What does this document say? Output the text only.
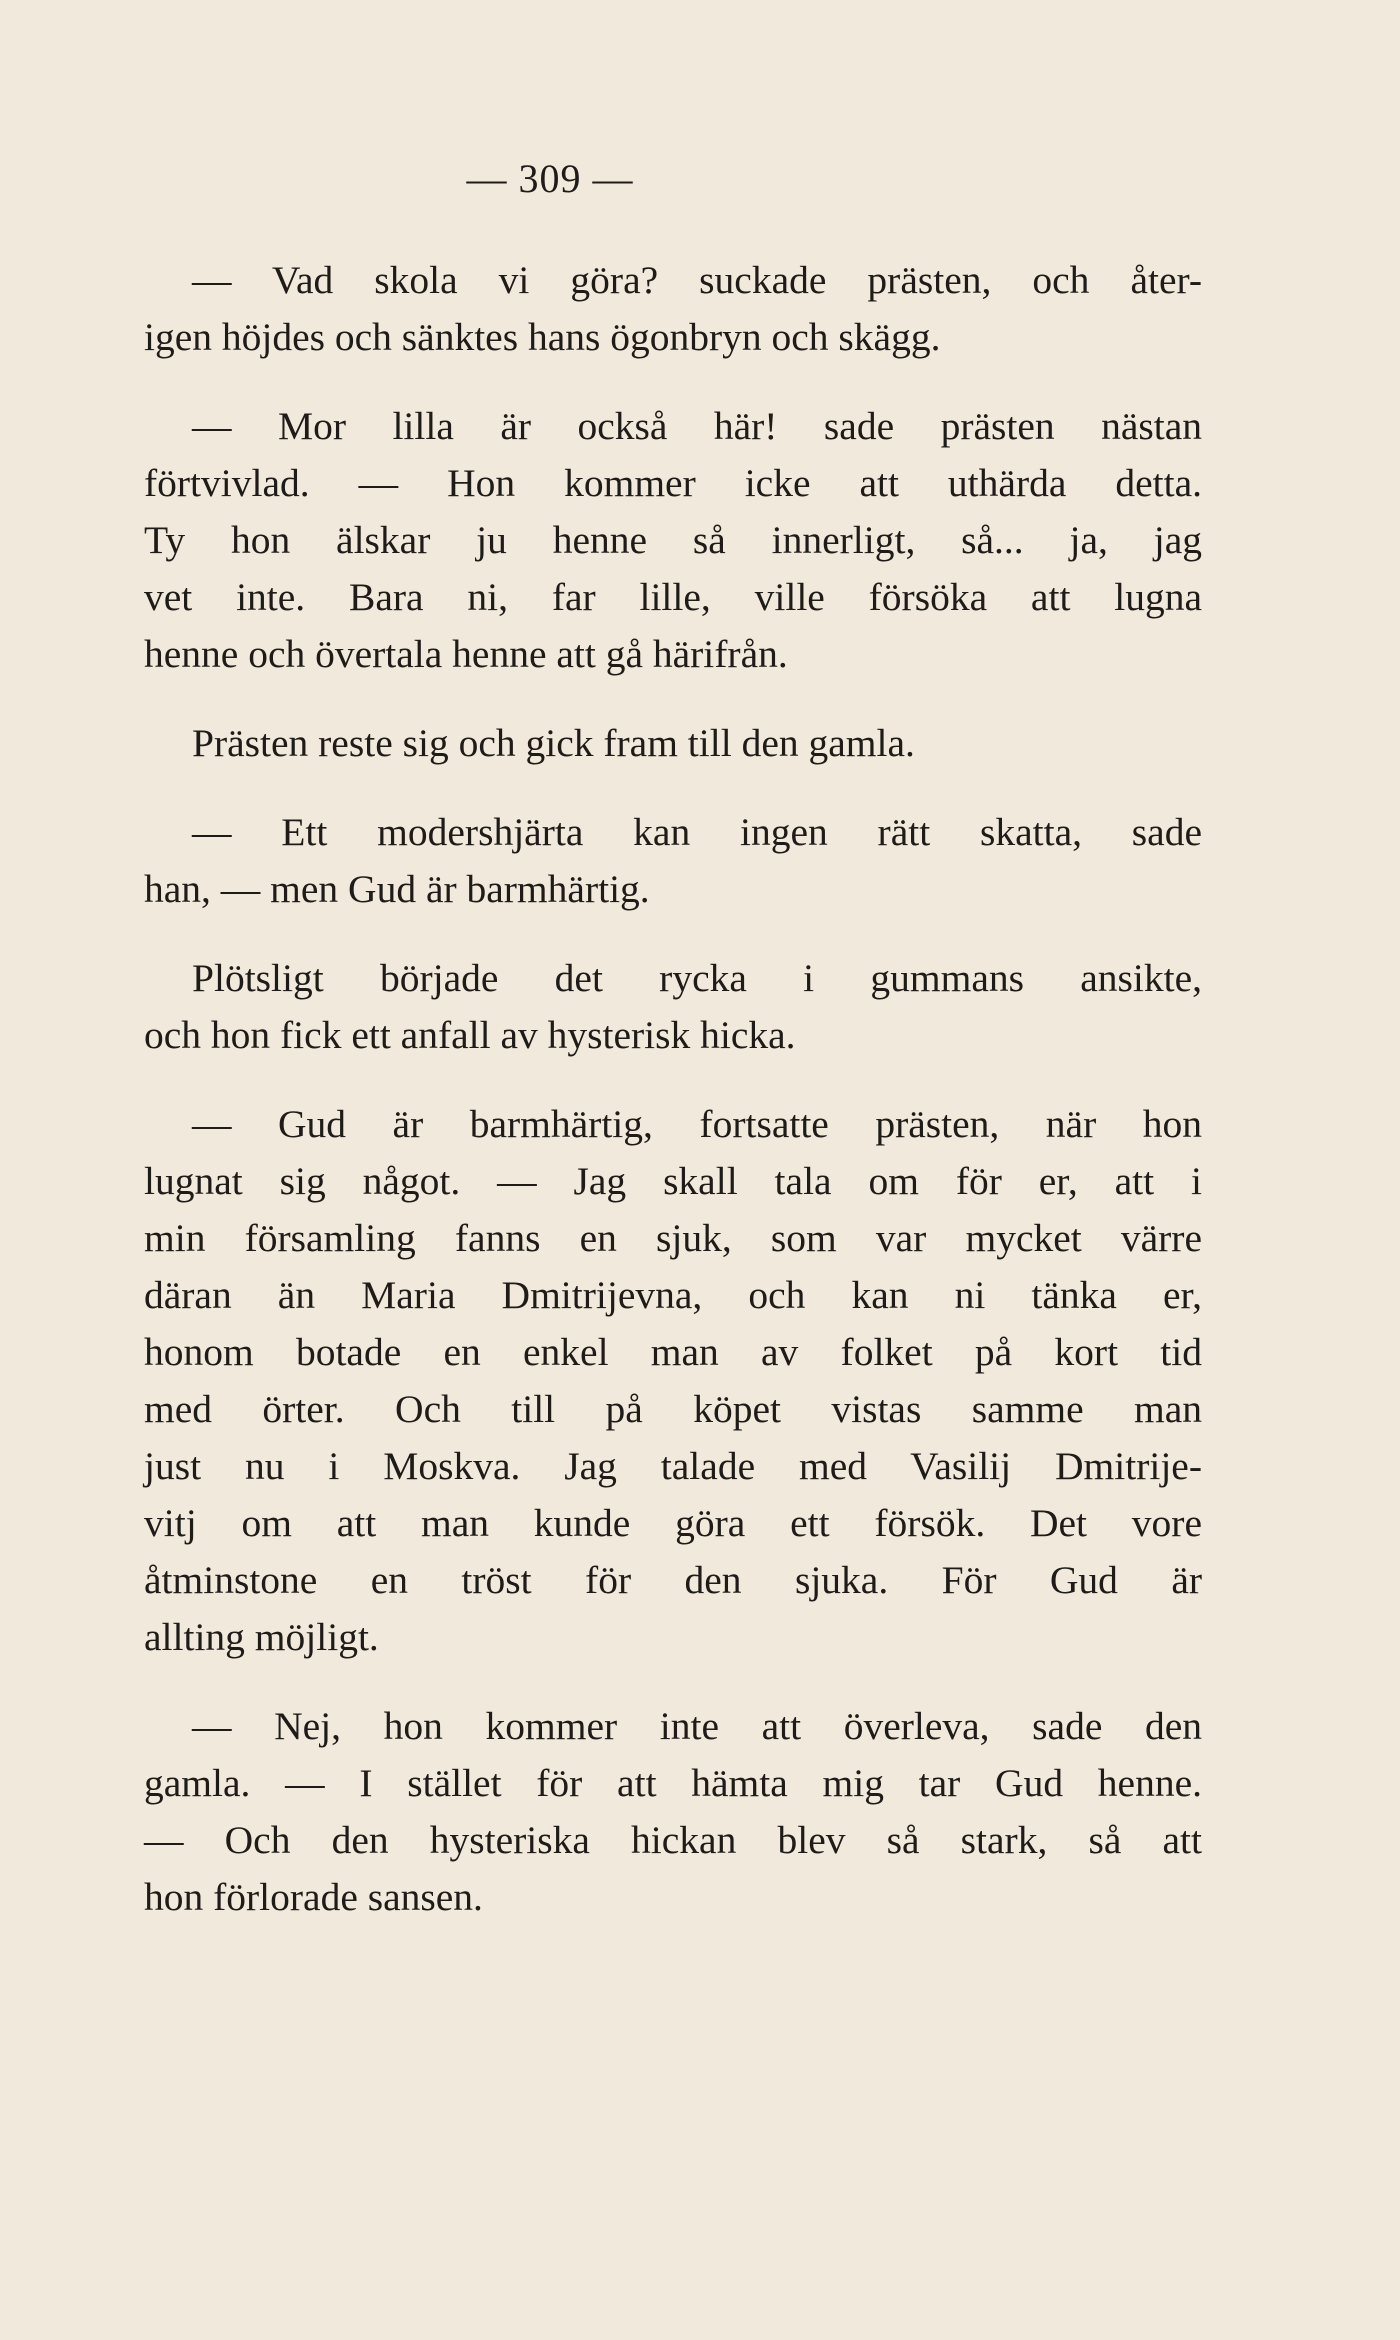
— 309 —
— Vad skola vi göra? suckade prästen, och åter-
igen höjdes och sänktes hans ögonbryn och skägg.
— Mor lilla är också här! sade prästen nästan
förtvivlad. — Hon kommer icke att uthärda detta.
Ty hon älskar ju henne så innerligt, så... ja, jag
vet inte. Bara ni, far lille, ville försöka att lugna
henne och övertala henne att gå härifrån.
Prästen reste sig och gick fram till den gamla.
— Ett modershjärta kan ingen rätt skatta, sade
han, — men Gud är barmhärtig.
Plötsligt började det rycka i gummans ansikte,
och hon fick ett anfall av hysterisk hicka.
— Gud är barmhärtig, fortsatte prästen, när hon
lugnat sig något. — Jag skall tala om för er, att i
min församling fanns en sjuk, som var mycket värre
däran än Maria Dmitrijevna, och kan ni tänka er,
honom botade en enkel man av folket på kort tid
med örter. Och till på köpet vistas samme man
just nu i Moskva. Jag talade med Vasilij Dmitrije-
vitj om att man kunde göra ett försök. Det vore
åtminstone en tröst för den sjuka. För Gud är
allting möjligt.
— Nej, hon kommer inte att överleva, sade den
gamla. — I stället för att hämta mig tar Gud henne.
— Och den hysteriska hickan blev så stark, så att
hon förlorade sansen.
